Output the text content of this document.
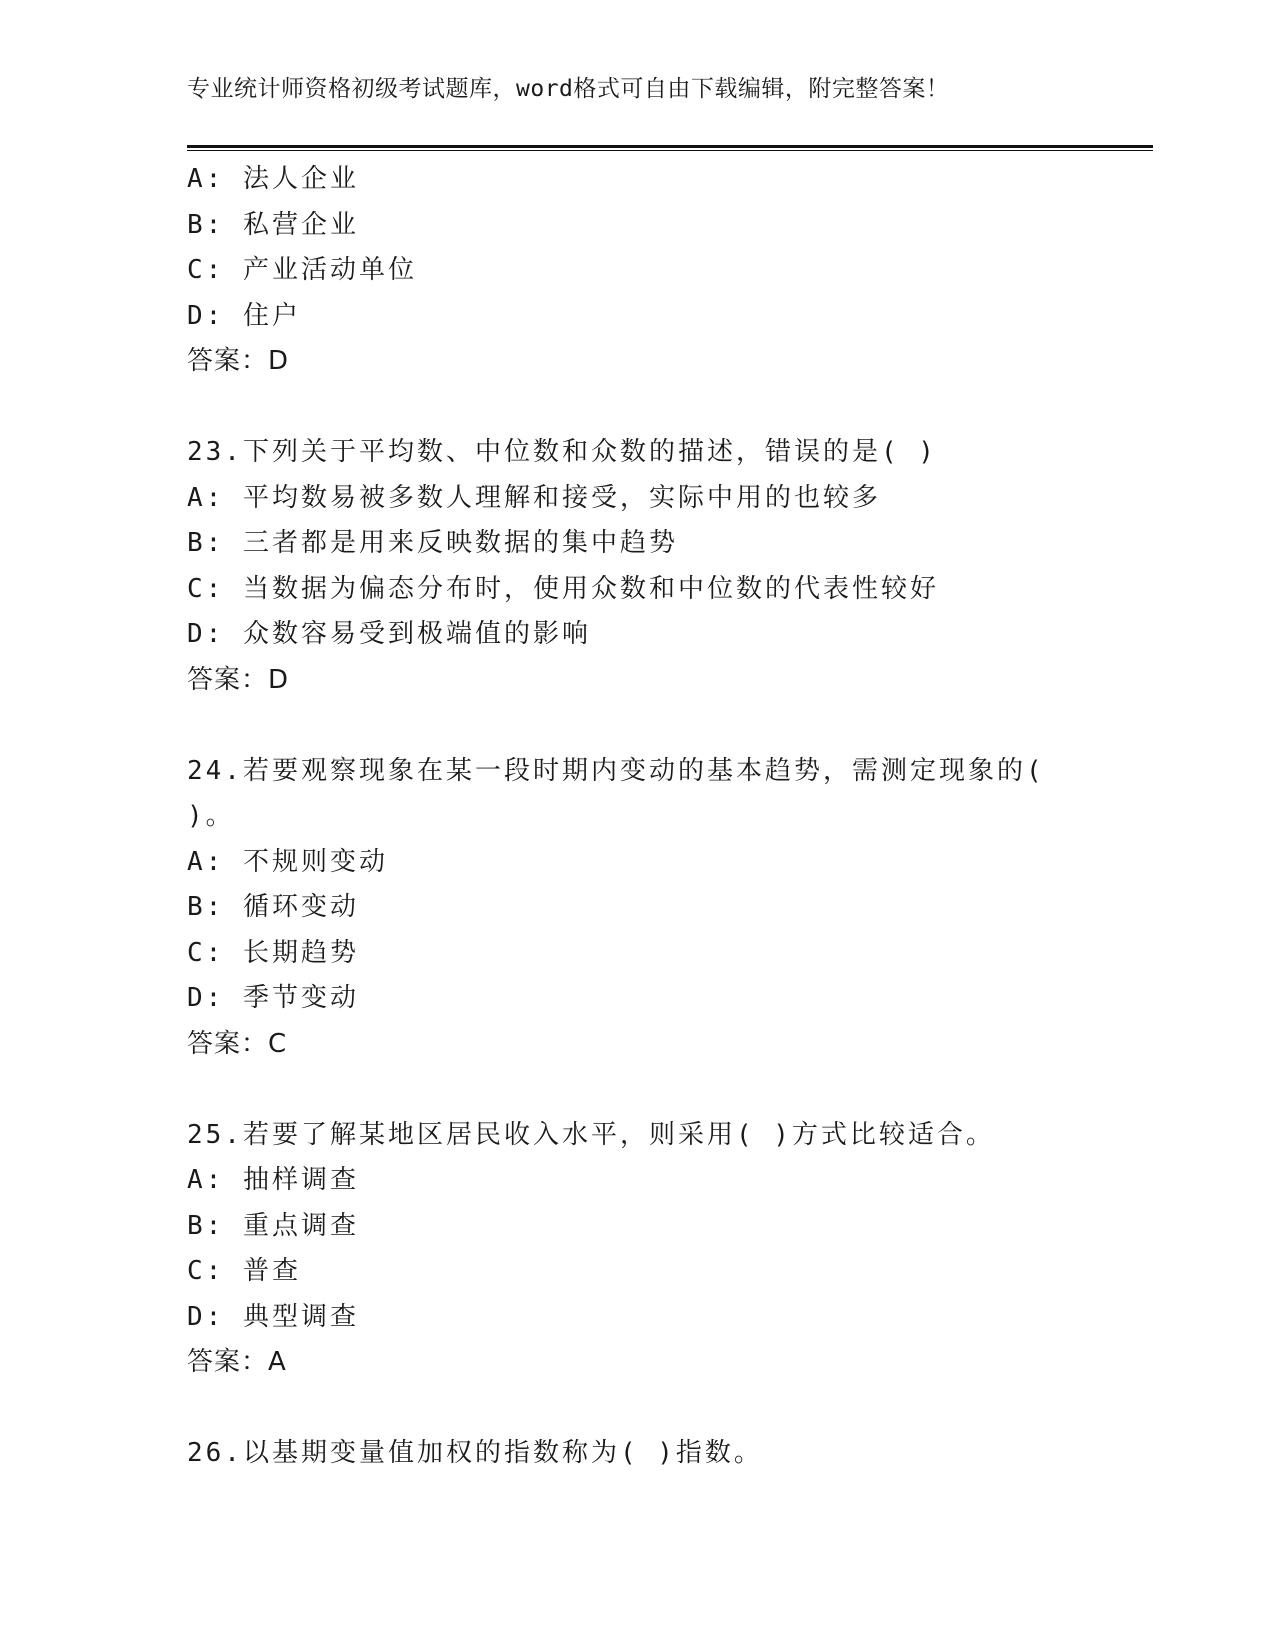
专业统计师资格初级考试题库，word格式可自由下载编辑，附完整答案！
A: 法人企业
B: 私营企业
C: 产业活动单位
D: 住户
答案：D
23.下列关于平均数、中位数和众数的描述，错误的是( )
A: 平均数易被多数人理解和接受，实际中用的也较多
B: 三者都是用来反映数据的集中趋势
C: 当数据为偏态分布时，使用众数和中位数的代表性较好
D: 众数容易受到极端值的影响
答案：D
24.若要观察现象在某一段时期内变动的基本趋势，需测定现象的(
)。
A: 不规则变动
B: 循环变动
C: 长期趋势
D: 季节变动
答案：C
25.若要了解某地区居民收入水平，则采用( )方式比较适合。
A: 抽样调查
B: 重点调查
C: 普查
D: 典型调查
答案：A
26.以基期变量值加权的指数称为( )指数。
